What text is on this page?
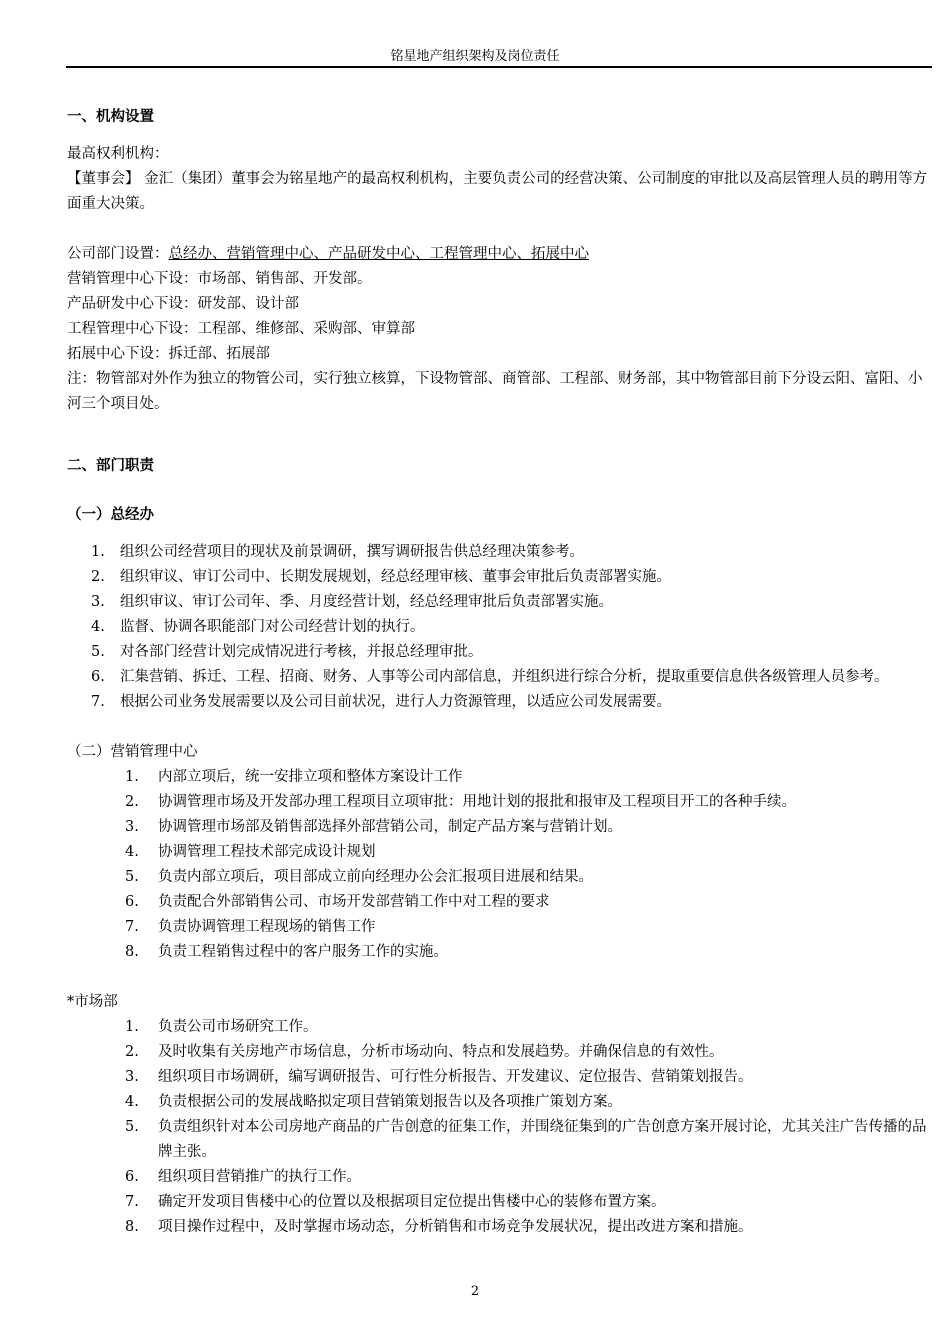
铭星地产组织架构及岗位责任
一、机构设置
最高权利机构：
【董事会】 金汇（集团）董事会为铭星地产的最高权利机构，主要负责公司的经营决策、公司制度的审批以及高层管理人员的聘用等方面重大决策。
公司部门设置：总经办、营销管理中心、产品研发中心、工程管理中心、拓展中心
营销管理中心下设：市场部、销售部、开发部。
产品研发中心下设：研发部、设计部
工程管理中心下设：工程部、维修部、采购部、审算部
拓展中心下设：拆迁部、拓展部
注：物管部对外作为独立的物管公司，实行独立核算，下设物管部、商管部、工程部、财务部，其中物管部目前下分设云阳、富阳、小河三个项目处。
二、部门职责
（一）总经办
1. 组织公司经营项目的现状及前景调研，撰写调研报告供总经理决策参考。
2. 组织审议、审订公司中、长期发展规划，经总经理审核、董事会审批后负责部署实施。
3. 组织审议、审订公司年、季、月度经营计划，经总经理审批后负责部署实施。
4. 监督、协调各职能部门对公司经营计划的执行。
5. 对各部门经营计划完成情况进行考核，并报总经理审批。
6. 汇集营销、拆迁、工程、招商、财务、人事等公司内部信息，并组织进行综合分析，提取重要信息供各级管理人员参考。
7. 根据公司业务发展需要以及公司目前状况，进行人力资源管理，以适应公司发展需要。
（二）营销管理中心
1. 内部立项后，统一安排立项和整体方案设计工作
2. 协调管理市场及开发部办理工程项目立项审批：用地计划的报批和报审及工程项目开工的各种手续。
3. 协调管理市场部及销售部选择外部营销公司，制定产品方案与营销计划。
4. 协调管理工程技术部完成设计规划
5. 负责内部立项后，项目部成立前向经理办公会汇报项目进展和结果。
6. 负责配合外部销售公司、市场开发部营销工作中对工程的要求
7. 负责协调管理工程现场的销售工作
8. 负责工程销售过程中的客户服务工作的实施。
*市场部
1. 负责公司市场研究工作。
2. 及时收集有关房地产市场信息，分析市场动向、特点和发展趋势。并确保信息的有效性。
3. 组织项目市场调研，编写调研报告、可行性分析报告、开发建议、定位报告、营销策划报告。
4. 负责根据公司的发展战略拟定项目营销策划报告以及各项推广策划方案。
5. 负责组织针对本公司房地产商品的广告创意的征集工作，并围绕征集到的广告创意方案开展讨论，尤其关注广告传播的品牌主张。
6. 组织项目营销推广的执行工作。
7. 确定开发项目售楼中心的位置以及根据项目定位提出售楼中心的装修布置方案。
8. 项目操作过程中，及时掌握市场动态，分析销售和市场竞争发展状况，提出改进方案和措施。
2
